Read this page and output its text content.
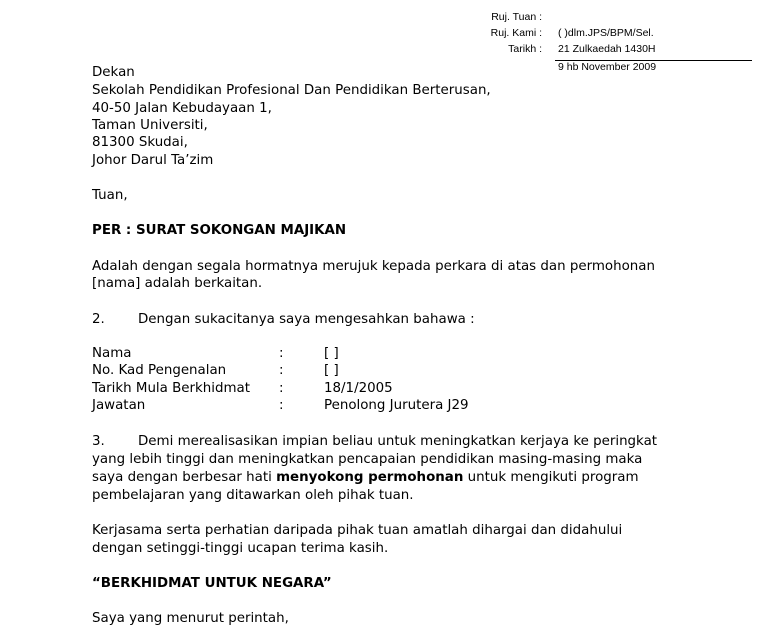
Ruj. Tuan :
Ruj. Kami : ( )dlm.JPS/BPM/Sel.
Tarikh : 21 Zulkaedah 1430H
9 hb November 2009
Dekan
Sekolah Pendidikan Profesional Dan Pendidikan Berterusan,
40-50 Jalan Kebudayaan 1,
Taman Universiti,
81300 Skudai,
Johor Darul Ta’zim
Tuan,
PER : SURAT SOKONGAN MAJIKAN
Adalah dengan segala hormatnya merujuk kepada perkara di atas dan permohonan
[nama] adalah berkaitan.
2. Dengan sukacitanya saya mengesahkan bahawa :
Nama	:	[ ]
No. Kad Pengenalan	:	[ ]
Tarikh Mula Berkhidmat :	18/1/2005
Jawatan	:	Penolong Jurutera J29
3. Demi merealisasikan impian beliau untuk meningkatkan kerjaya ke peringkat
yang lebih tinggi dan meningkatkan pencapaian pendidikan masing-masing maka
saya dengan berbesar hati menyokong permohonan untuk mengikuti program
pembelajaran yang ditawarkan oleh pihak tuan.
Kerjasama serta perhatian daripada pihak tuan amatlah dihargai dan didahului
dengan setinggi-tinggi ucapan terima kasih.
“BERKHIDMAT UNTUK NEGARA”
Saya yang menurut perintah,
